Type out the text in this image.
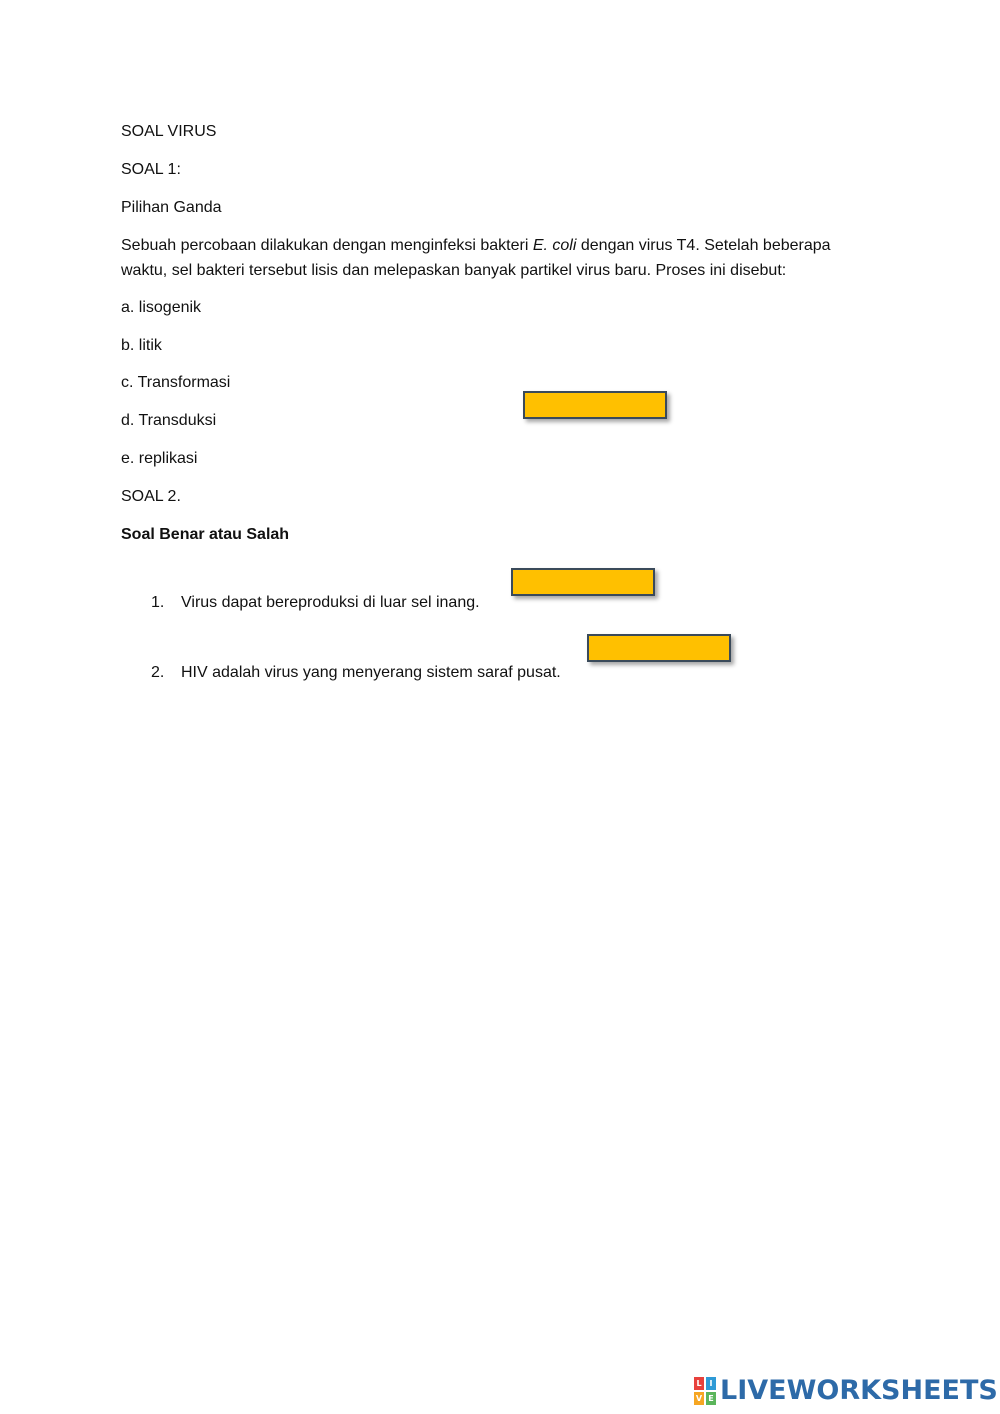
SOAL VIRUS
SOAL 1:
Pilihan Ganda
Sebuah percobaan dilakukan dengan menginfeksi bakteri E. coli dengan virus T4. Setelah beberapa waktu, sel bakteri tersebut lisis dan melepaskan banyak partikel virus baru. Proses ini disebut:
a. lisogenik
b. litik
c. Transformasi
d. Transduksi
e. replikasi
SOAL 2.
Soal Benar atau Salah
1. Virus dapat bereproduksi di luar sel inang.
2. HIV adalah virus yang menyerang sistem saraf pusat.
L I
V E LIVEWORKSHEETS
